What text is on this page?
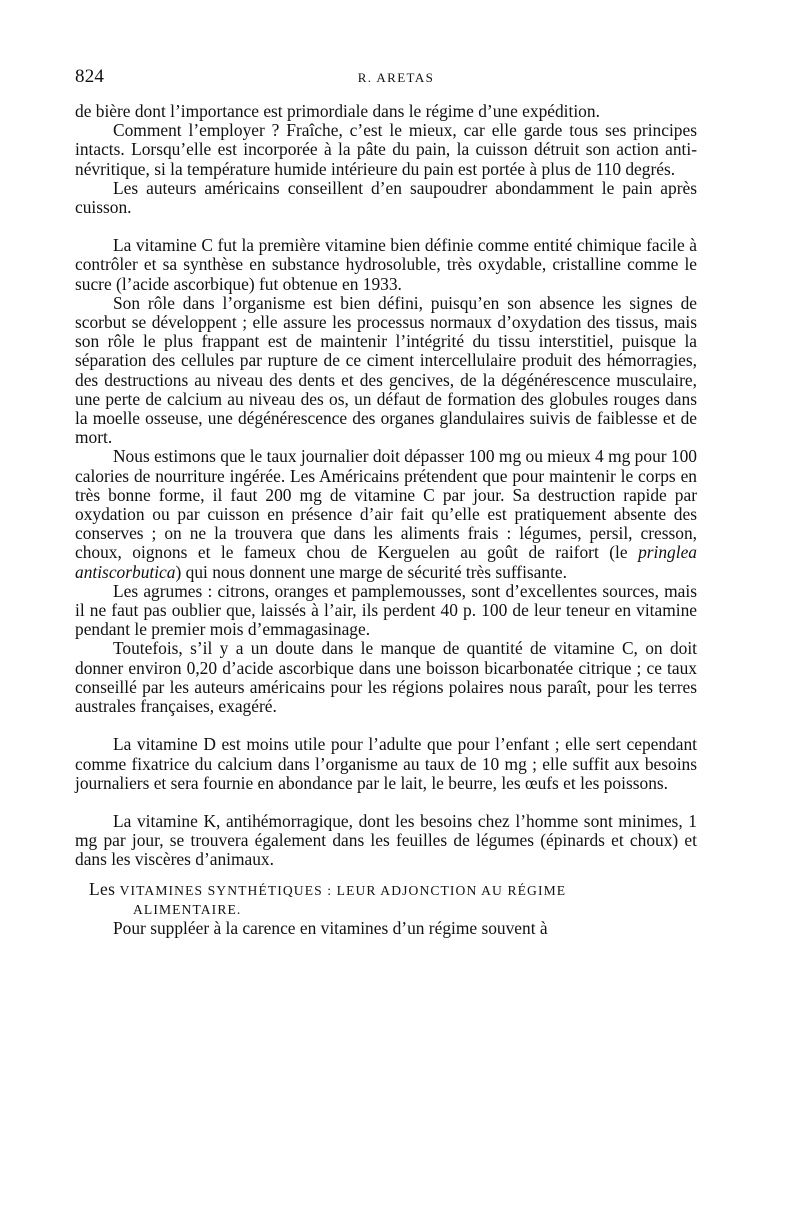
824	R. ARETAS

de bière dont l’importance est primordiale dans le régime d’une expédition.

Comment l’employer ? Fraîche, c’est le mieux, car elle garde tous ses principes intacts. Lorsqu’elle est incorporée à la pâte du pain, la cuisson détruit son action anti-névritique, si la température humide intérieure du pain est portée à plus de 110 degrés.

Les auteurs américains conseillent d’en saupoudrer abondamment le pain après cuisson.

La vitamine C fut la première vitamine bien définie comme entité chimique facile à contrôler et sa synthèse en substance hydrosoluble, très oxydable, cristalline comme le sucre (l’acide ascorbique) fut obtenue en 1933.

Son rôle dans l’organisme est bien défini, puisqu’en son absence les signes de scorbut se développent ; elle assure les processus normaux d’oxydation des tissus, mais son rôle le plus frappant est de maintenir l’intégrité du tissu interstitiel, puisque la séparation des cellules par rupture de ce ciment intercellulaire produit des hémorragies, des destructions au niveau des dents et des gencives, de la dégénérescence musculaire, une perte de calcium au niveau des os, un défaut de formation des globules rouges dans la moelle osseuse, une dégénérescence des organes glandulaires suivis de faiblesse et de mort.

Nous estimons que le taux journalier doit dépasser 100 mg ou mieux 4 mg pour 100 calories de nourriture ingérée. Les Américains prétendent que pour maintenir le corps en très bonne forme, il faut 200 mg de vitamine C par jour. Sa destruction rapide par oxydation ou par cuisson en présence d’air fait qu’elle est pratiquement absente des conserves ; on ne la trouvera que dans les aliments frais : légumes, persil, cresson, choux, oignons et le fameux chou de Kerguelen au goût de raifort (le pringlea antiscorbutica) qui nous donnent une marge de sécurité très suffisante.

Les agrumes : citrons, oranges et pamplemousses, sont d’excellentes sources, mais il ne faut pas oublier que, laissés à l’air, ils perdent 40 p. 100 de leur teneur en vitamine pendant le premier mois d’emmagasinage.

Toutefois, s’il y a un doute dans le manque de quantité de vitamine C, on doit donner environ 0,20 d’acide ascorbique dans une boisson bicarbonatée citrique ; ce taux conseillé par les auteurs américains pour les régions polaires nous paraît, pour les terres australes françaises, exagéré.

La vitamine D est moins utile pour l’adulte que pour l’enfant ; elle sert cependant comme fixatrice du calcium dans l’organisme au taux de 10 mg ; elle suffit aux besoins journaliers et sera fournie en abondance par le lait, le beurre, les œufs et les poissons.

La vitamine K, antihémorragique, dont les besoins chez l’homme sont minimes, 1 mg par jour, se trouvera également dans les feuilles de légumes (épinards et choux) et dans les viscères d’animaux.

Les VITAMINES SYNTHÉTIQUES : LEUR ADJONCTION AU RÉGIME
ALIMENTAIRE.

Pour suppléer à la carence en vitamines d’un régime souvent à
